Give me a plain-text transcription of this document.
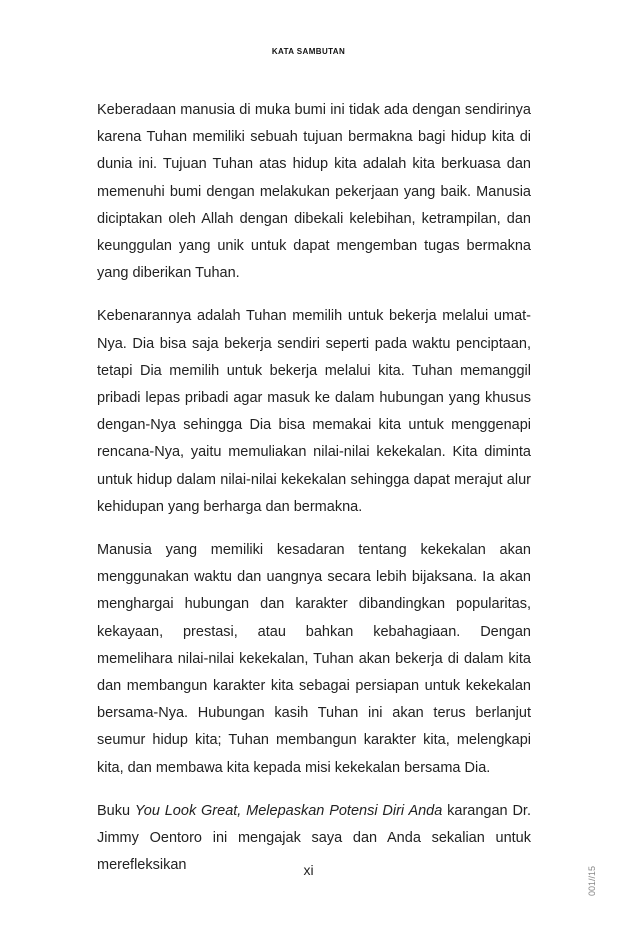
KATA SAMBUTAN

Keberadaan manusia di muka bumi ini tidak ada dengan sendirinya karena Tuhan memiliki sebuah tujuan bermakna bagi hidup kita di dunia ini. Tujuan Tuhan atas hidup kita adalah kita berkuasa dan memenuhi bumi dengan melakukan pekerjaan yang baik. Manusia diciptakan oleh Allah dengan dibekali kelebihan, ketrampilan, dan keunggulan yang unik untuk dapat mengemban tugas bermakna yang diberikan Tuhan.

Kebenarannya adalah Tuhan memilih untuk bekerja melalui umat-Nya. Dia bisa saja bekerja sendiri seperti pada waktu penciptaan, tetapi Dia memilih untuk bekerja melalui kita. Tuhan memanggil pribadi lepas pribadi agar masuk ke dalam hubungan yang khusus dengan-Nya sehingga Dia bisa memakai kita untuk menggenapi rencana-Nya, yaitu memuliakan nilai-nilai kekekalan. Kita diminta untuk hidup dalam nilai-nilai kekekalan sehingga dapat merajut alur kehidupan yang berharga dan bermakna.

Manusia yang memiliki kesadaran tentang kekekalan akan menggunakan waktu dan uangnya secara lebih bijaksana. Ia akan menghargai hubungan dan karakter dibandingkan popularitas, kekayaan, prestasi, atau bahkan kebahagiaan. Dengan memelihara nilai-nilai kekekalan, Tuhan akan bekerja di dalam kita dan membangun karakter kita sebagai persiapan untuk kekekalan bersama-Nya. Hubungan kasih Tuhan ini akan terus berlanjut seumur hidup kita; Tuhan membangun karakter kita, melengkapi kita, dan membawa kita kepada misi kekekalan bersama Dia.

Buku You Look Great, Melepaskan Potensi Diri Anda karangan Dr. Jimmy Oentoro ini mengajak saya dan Anda sekalian untuk merefleksikan	xi	001//15
